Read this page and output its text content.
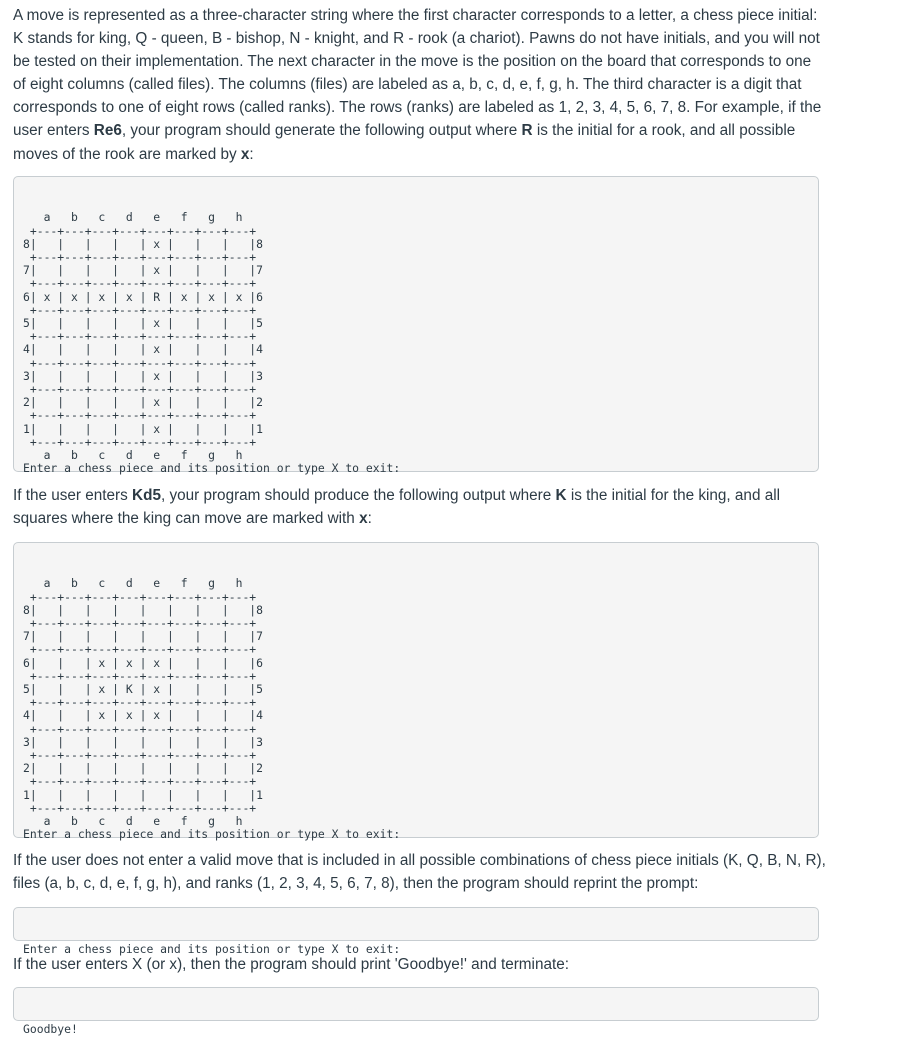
A move is represented as a three-character string where the first character corresponds to a letter, a chess piece initial: K stands for king, Q - queen, B - bishop, N - knight, and R - rook (a chariot). Pawns do not have initials, and you will not be tested on their implementation. The next character in the move is the position on the board that corresponds to one of eight columns (called files). The columns (files) are labeled as a, b, c, d, e, f, g, h. The third character is a digit that corresponds to one of eight rows (called ranks). The rows (ranks) are labeled as 1, 2, 3, 4, 5, 6, 7, 8. For example, if the user enters Re6, your program should generate the following output where R is the initial for a rook, and all possible moves of the rook are marked by x:

a   b   c   d   e   f   g   h
+---+---+---+---+---+---+---+---+
8|   |   |   |   | x |   |   |   |8
+---+---+---+---+---+---+---+---+
7|   |   |   |   | x |   |   |   |7
+---+---+---+---+---+---+---+---+
6| x | x | x | x | R | x | x | x |6
+---+---+---+---+---+---+---+---+
5|   |   |   |   | x |   |   |   |5
+---+---+---+---+---+---+---+---+
4|   |   |   |   | x |   |   |   |4
+---+---+---+---+---+---+---+---+
3|   |   |   |   | x |   |   |   |3
+---+---+---+---+---+---+---+---+
2|   |   |   |   | x |   |   |   |2
+---+---+---+---+---+---+---+---+
1|   |   |   |   | x |   |   |   |1
+---+---+---+---+---+---+---+---+
a   b   c   d   e   f   g   h
Enter a chess piece and its position or type X to exit:

If the user enters Kd5, your program should produce the following output where K is the initial for the king, and all squares where the king can move are marked with x:

a   b   c   d   e   f   g   h
+---+---+---+---+---+---+---+---+
8|   |   |   |   |   |   |   |   |8
+---+---+---+---+---+---+---+---+
7|   |   |   |   |   |   |   |   |7
+---+---+---+---+---+---+---+---+
6|   |   | x | x | x |   |   |   |6
+---+---+---+---+---+---+---+---+
5|   |   | x | K | x |   |   |   |5
+---+---+---+---+---+---+---+---+
4|   |   | x | x | x |   |   |   |4
+---+---+---+---+---+---+---+---+
3|   |   |   |   |   |   |   |   |3
+---+---+---+---+---+---+---+---+
2|   |   |   |   |   |   |   |   |2
+---+---+---+---+---+---+---+---+
1|   |   |   |   |   |   |   |   |1
+---+---+---+---+---+---+---+---+
a   b   c   d   e   f   g   h
Enter a chess piece and its position or type X to exit:

If the user does not enter a valid move that is included in all possible combinations of chess piece initials (K, Q, B, N, R), files (a, b, c, d, e, f, g, h), and ranks (1, 2, 3, 4, 5, 6, 7, 8), then the program should reprint the prompt:

Enter a chess piece and its position or type X to exit:

If the user enters X (or x), then the program should print 'Goodbye!' and terminate:

Goodbye!
